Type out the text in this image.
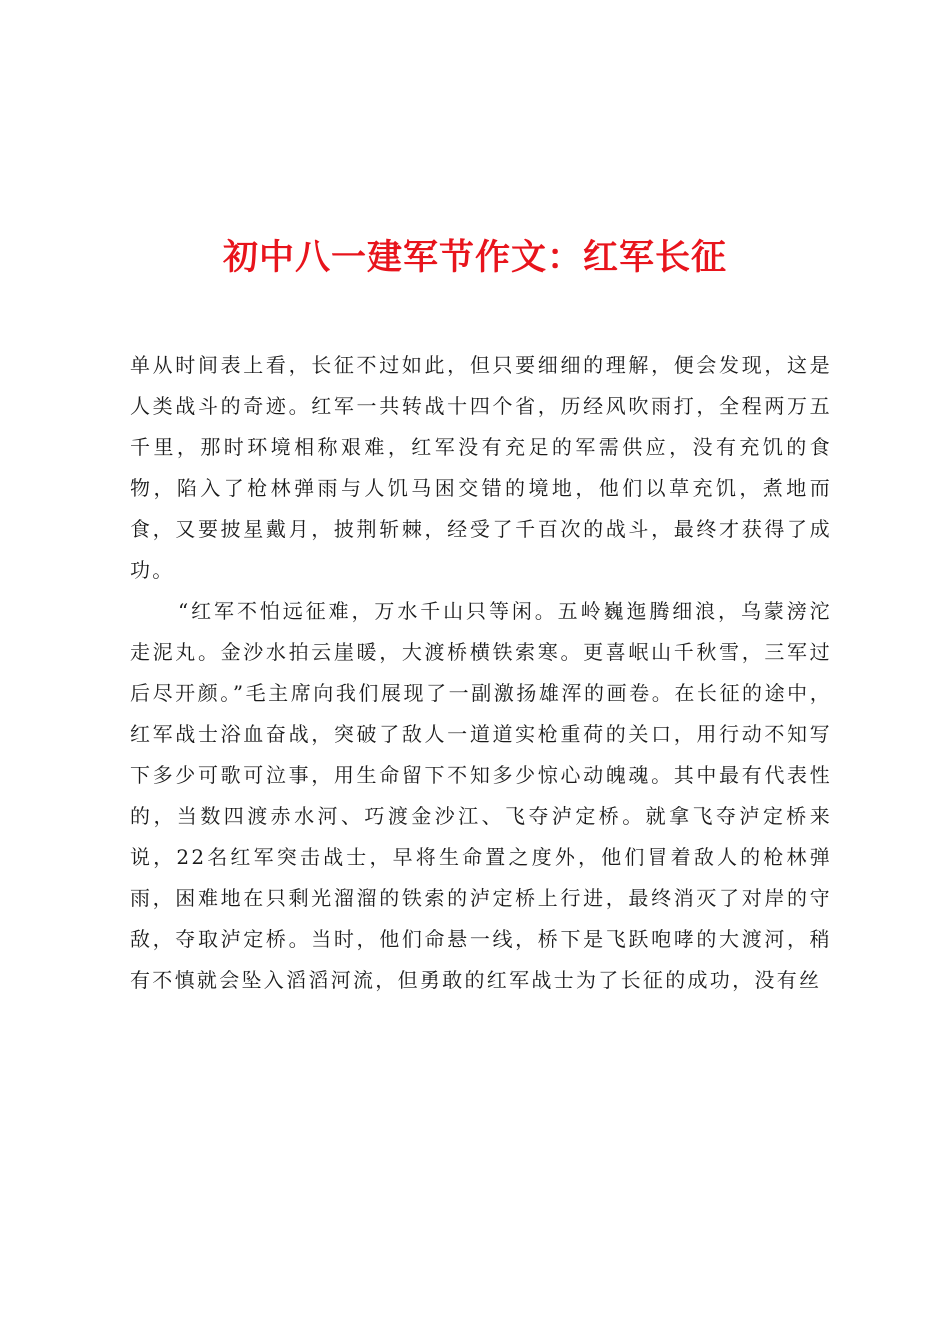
初中八一建军节作文：红军长征

单从时间表上看，长征不过如此，但只要细细的理解，便会发现，这是人类战斗的奇迹。红军一共转战十四个省，历经风吹雨打，全程两万五千里，那时环境相称艰难，红军没有充足的军需供应，没有充饥的食物，陷入了枪林弹雨与人饥马困交错的境地，他们以草充饥，煮地而食，又要披星戴月，披荆斩棘，经受了千百次的战斗，最终才获得了成功。

“红军不怕远征难，万水千山只等闲。五岭巍迤腾细浪，乌蒙滂沱走泥丸。金沙水拍云崖暖，大渡桥横铁索寒。更喜岷山千秋雪，三军过后尽开颜。”毛主席向我们展现了一副激扬雄浑的画卷。在长征的途中，红军战士浴血奋战，突破了敌人一道道实枪重荷的关口，用行动不知写下多少可歌可泣事，用生命留下不知多少惊心动魄魂。其中最有代表性的，当数四渡赤水河、巧渡金沙江、飞夺泸定桥。就拿飞夺泸定桥来说，22名红军突击战士，早将生命置之度外，他们冒着敌人的枪林弹雨，困难地在只剩光溜溜的铁索的泸定桥上行进，最终消灭了对岸的守敌，夺取泸定桥。当时，他们命悬一线，桥下是飞跃咆哮的大渡河，稍有不慎就会坠入滔滔河流，但勇敢的红军战士为了长征的成功，没有丝
